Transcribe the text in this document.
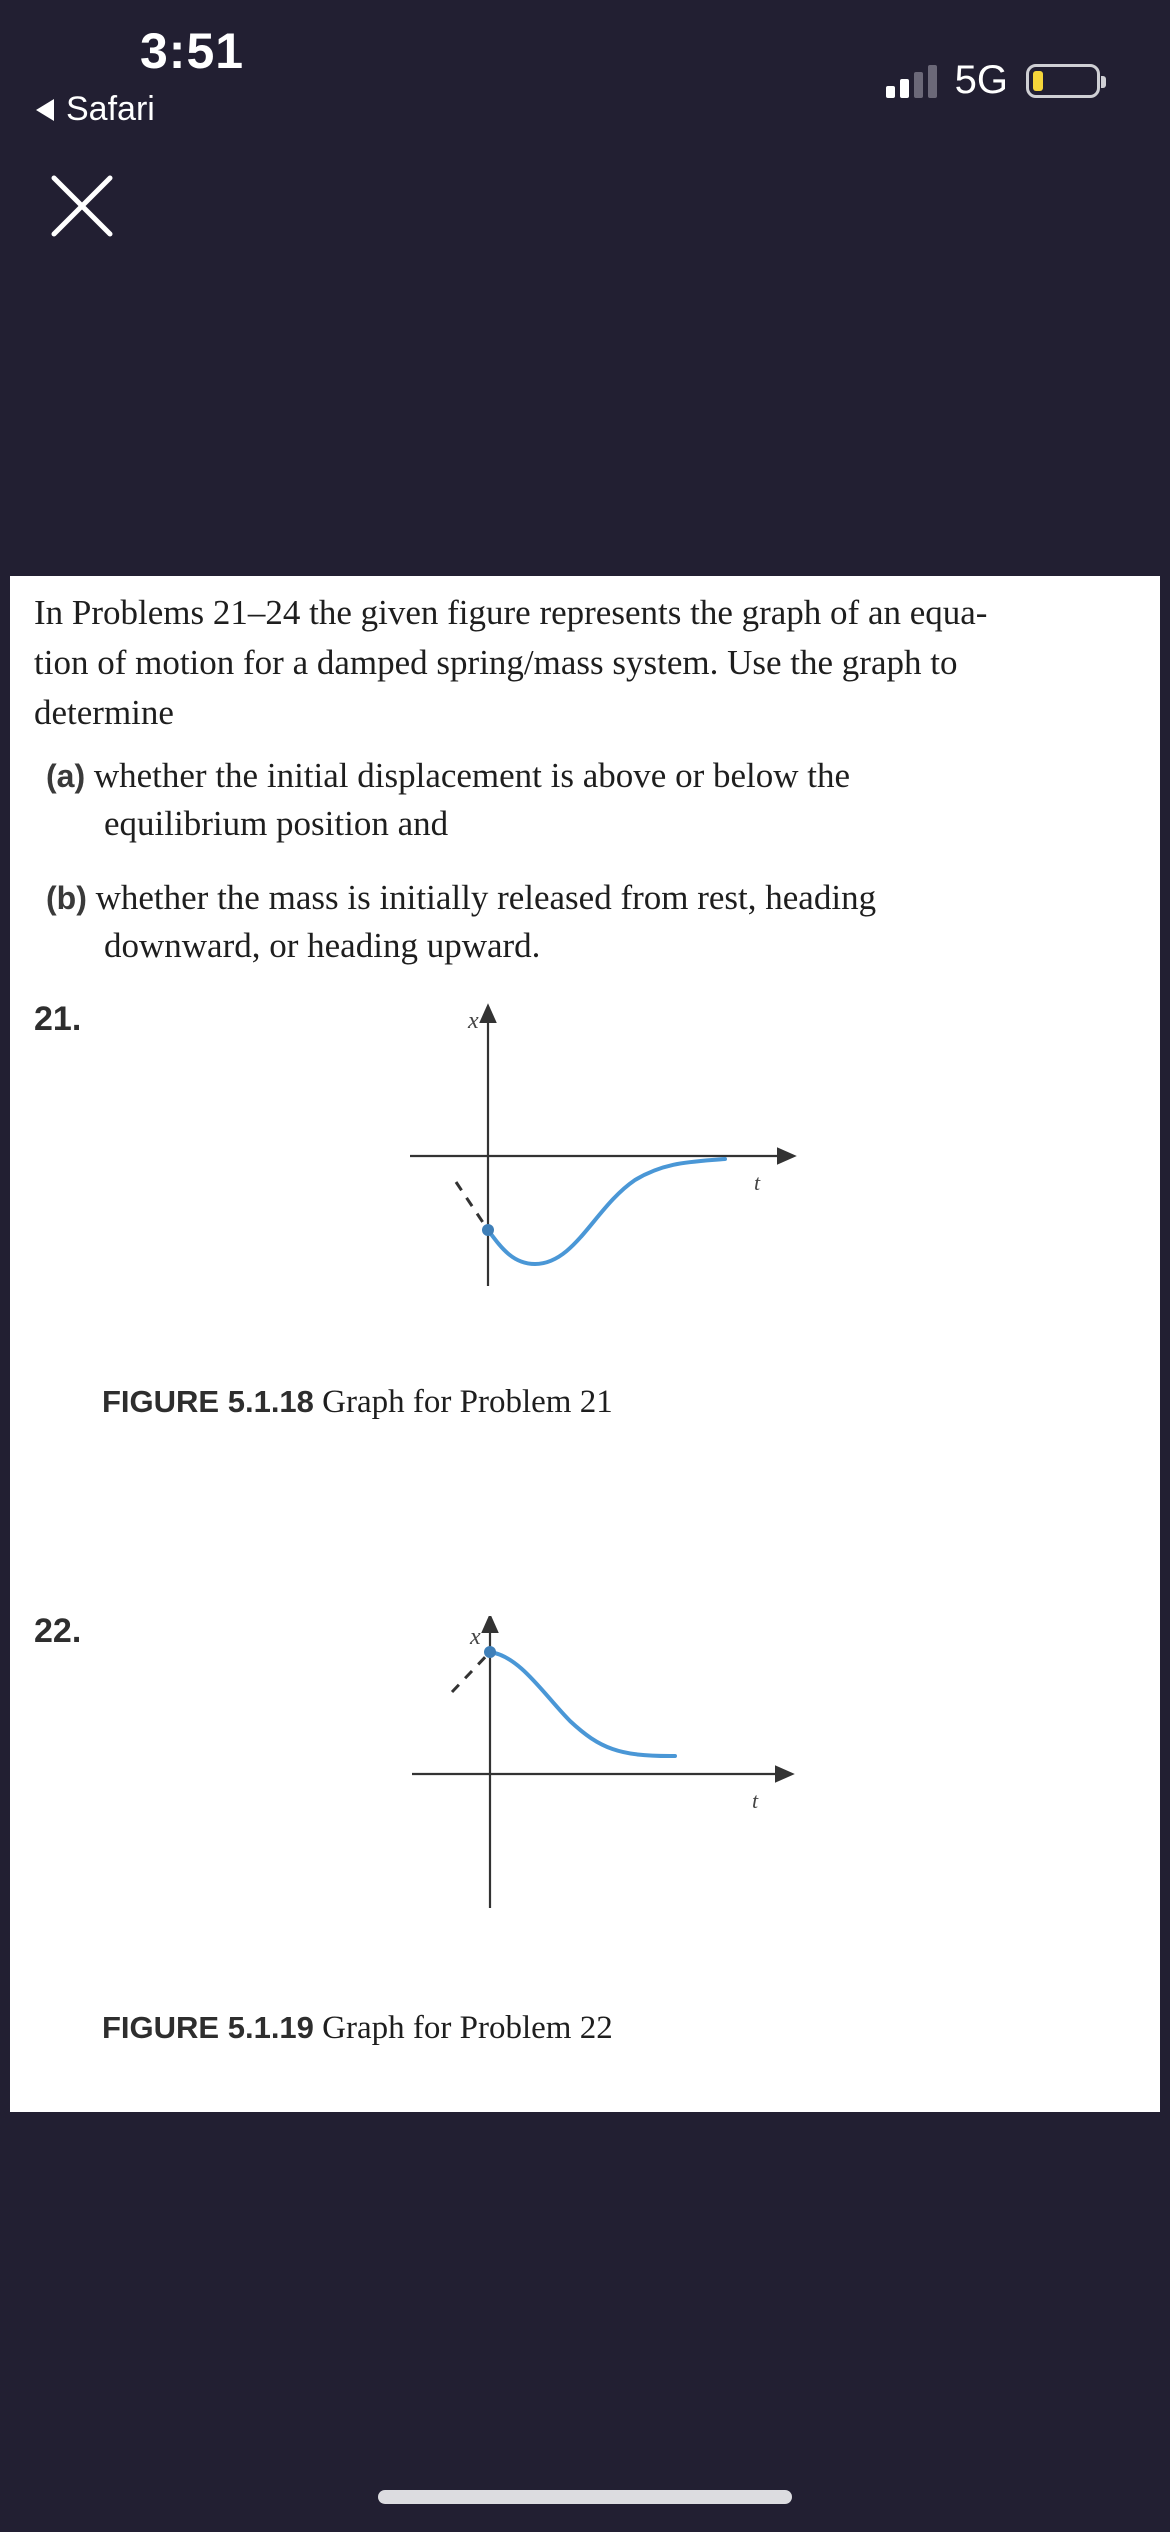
3:51
Safari
5G

In Problems 21–24 the given figure represents the graph of an equa-
tion of motion for a damped spring/mass system. Use the graph to
determine

(a) whether the initial displacement is above or below the
equilibrium position and
(b) whether the mass is initially released from rest, heading
downward, or heading upward.
21.	x
t
FIGURE 5.1.18 Graph for Problem 21
22.	x
t
FIGURE 5.1.19 Graph for Problem 22
